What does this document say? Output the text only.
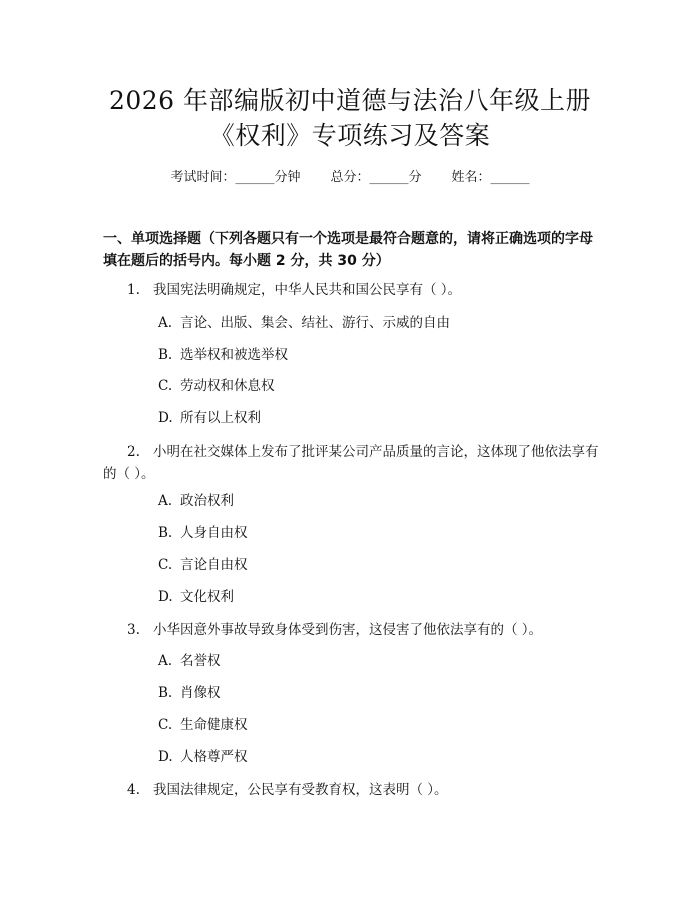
2026 年部编版初中道德与法治八年级上册
《权利》专项练习及答案
考试时间：______分钟 总分：______分 姓名：______
一、单项选择题（下列各题只有一个选项是最符合题意的，请将正确选项的字母填在题后的括号内。每小题 2 分，共 30 分）
1. 我国宪法明确规定，中华人民共和国公民享有（ ）。
A. 言论、出版、集会、结社、游行、示威的自由
B. 选举权和被选举权
C. 劳动权和休息权
D. 所有以上权利
2. 小明在社交媒体上发布了批评某公司产品质量的言论，这体现了他依法享有的（ ）。
A. 政治权利
B. 人身自由权
C. 言论自由权
D. 文化权利
3. 小华因意外事故导致身体受到伤害，这侵害了他依法享有的（ ）。
A. 名誉权
B. 肖像权
C. 生命健康权
D. 人格尊严权
4. 我国法律规定，公民享有受教育权，这表明（ ）。
